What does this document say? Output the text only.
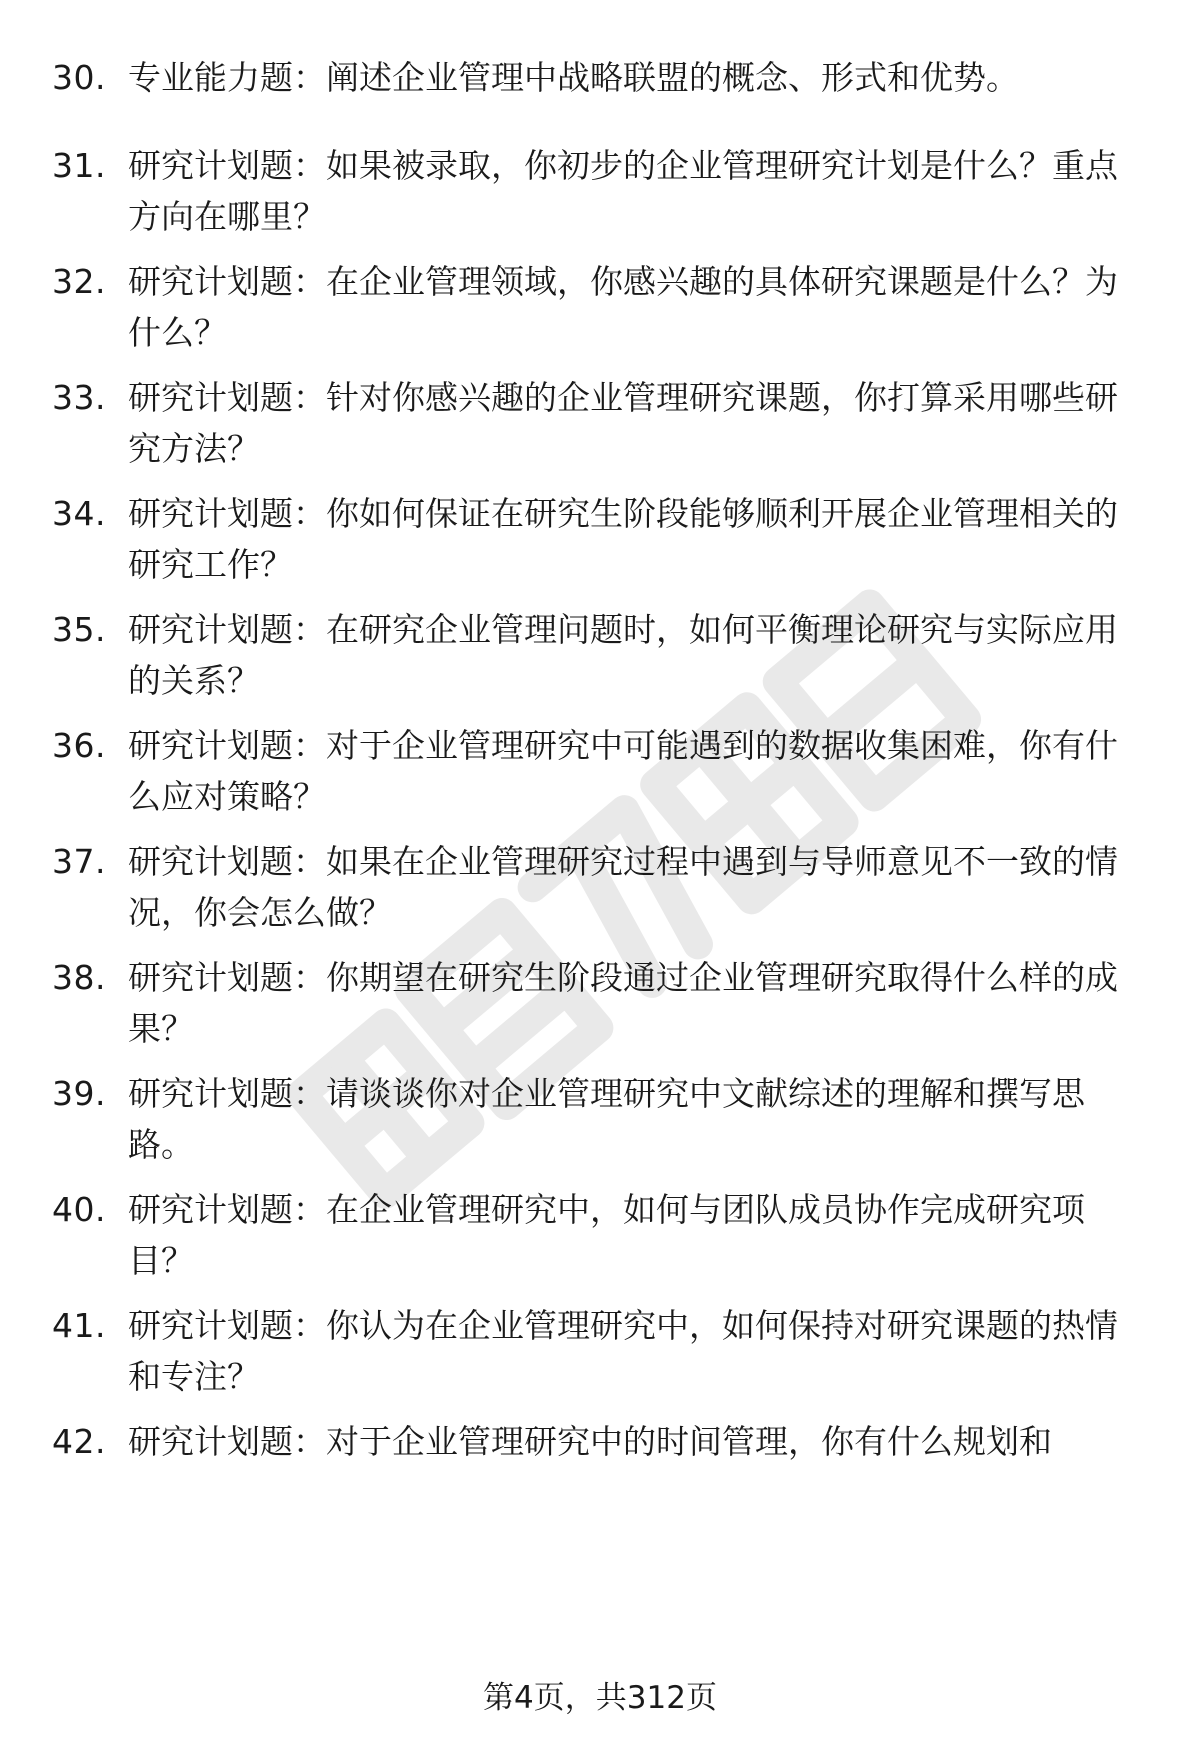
30. 专业能力题：阐述企业管理中战略联盟的概念、形式和优势。
31. 研究计划题：如果被录取，你初步的企业管理研究计划是什么？重点方向在哪里？
32. 研究计划题：在企业管理领域，你感兴趣的具体研究课题是什么？为什么？
33. 研究计划题：针对你感兴趣的企业管理研究课题，你打算采用哪些研究方法？
34. 研究计划题：你如何保证在研究生阶段能够顺利开展企业管理相关的研究工作？
35. 研究计划题：在研究企业管理问题时，如何平衡理论研究与实际应用的关系？
36. 研究计划题：对于企业管理研究中可能遇到的数据收集困难，你有什么应对策略？
37. 研究计划题：如果在企业管理研究过程中遇到与导师意见不一致的情况，你会怎么做？
38. 研究计划题：你期望在研究生阶段通过企业管理研究取得什么样的成果？
39. 研究计划题：请谈谈你对企业管理研究中文献综述的理解和撰写思路。
40. 研究计划题：在企业管理研究中，如何与团队成员协作完成研究项目？
41. 研究计划题：你认为在企业管理研究中，如何保持对研究课题的热情和专注？
42. 研究计划题：对于企业管理研究中的时间管理，你有什么规划和
第4页，共312页
